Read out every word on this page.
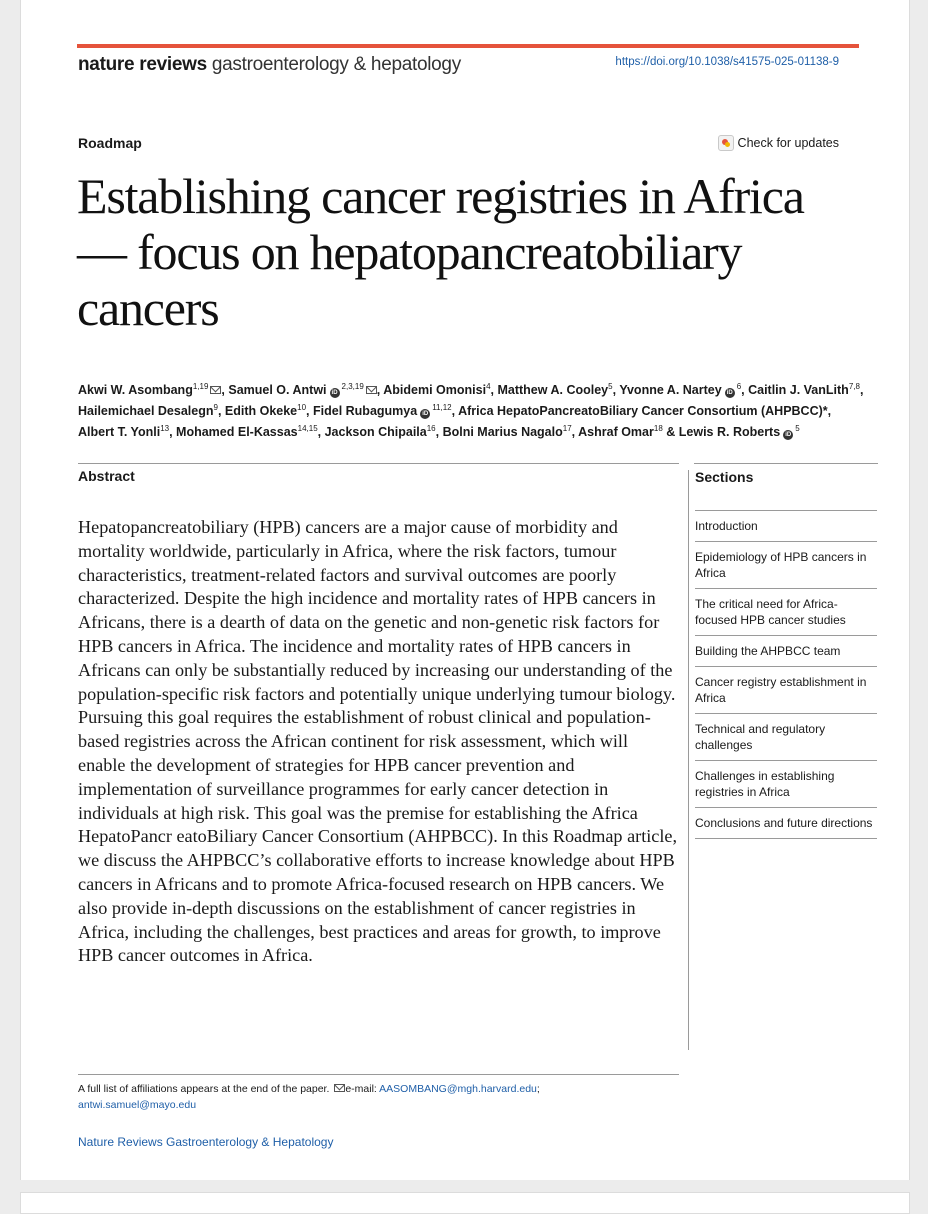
nature reviews gastroenterology & hepatology	https://doi.org/10.1038/s41575-025-01138-9
Roadmap	Check for updates
Establishing cancer registries in Africa — focus on hepatopancreatobiliary cancers
Akwi W. Asombang$^{1,19}$ , Samuel O. Antwi iD$^{2,3,19}$ , Abidemi Omonisi$^4$, Matthew A. Cooley$^5$, Yvonne A. Nartey $iD^6$, Caitlin J. VanLith$^{7,8}$, Hailemichael Desalegn$^9$, Edith Okeke$^{10}$, Fidel Rubagumya iD$^{11,12}$, Africa HepatoPancreatoBiliary Cancer Consortium (AHPBCC)*, Albert T. Yonli$^{13}$, Mohamed El-Kassas$^{14,15}$, Jackson Chipaila$^{16}$, Bolni Marius Nagalo$^{17}$, Ashraf Omar$^{18}$ & Lewis R. Roberts $iD^5$
Abstract

Hepatopancreatobiliary (HPB) cancers are a major cause of morbidity and mortality worldwide, particularly in Africa, where the risk factors, tumour characteristics, treatment-related factors and survival outcomes are poorly characterized. Despite the high incidence and mortality rates of HPB cancers in Africans, there is a dearth of data on the genetic and non-genetic risk factors for HPB cancers in Africa. The incidence and mortality rates of HPB cancers in Africans can only be substantially reduced by increasing our understanding of the population-specific risk factors and potentially unique underlying tumour biology. Pursuing this goal requires the establishment of robust clinical and population-based registries across the African continent for risk assessment, which will enable the development of strategies for HPB cancer prevention and implementation of surveillance programmes for early cancer detection in individuals at high risk. This goal was the premise for establishing the Africa HepatoPancr eatoBiliary Cancer Consortium (AHPBCC). In this Roadmap article, we discuss the AHPBCC’s collaborative efforts to increase knowledge about HPB cancers in Africans and to promote Africa-focused research on HPB cancers. We also provide in-depth discussions on the establishment of cancer registries in Africa, including the challenges, best practices and areas for growth, to improve HPB cancer outcomes in Africa.

Sections
Introduction
Epidemiology of HPB cancers in Africa
The critical need for Africa-focused HPB cancer studies
Building the AHPBCC team
Cancer registry establishment in Africa
Technical and regulatory challenges
Challenges in establishing registries in Africa
Conclusions and future directions
A full list of affiliations appears at the end of the paper. e-mail: AASOMBANG@mgh.harvard.edu;
antwi.samuel@mayo.edu
Nature Reviews Gastroenterology & Hepatology
